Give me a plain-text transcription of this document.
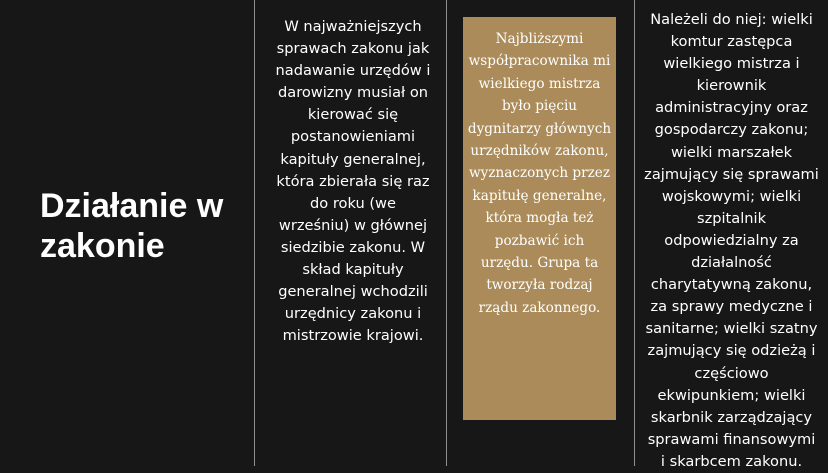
Działanie w zakonie
W najważniejszych sprawach zakonu jak nadawanie urzędów i darowizny musiał on kierować się postanowieniami kapituły generalnej, która zbierała się raz do roku (we wrześniu) w głównej siedzibie zakonu. W skład kapituły generalnej wchodzili urzędnicy zakonu i mistrzowie krajowi.
Najbliższymi współpracownika mi wielkiego mistrza było pięciu dygnitarzy głównych urzędników zakonu, wyznaczonych przez kapitułę generalne, która mogła też pozbawić ich urzędu. Grupa ta tworzyła rodzaj rządu zakonnego.
Należeli do niej: wielki komtur zastępca wielkiego mistrza i kierownik administracyjny oraz gospodarczy zakonu; wielki marszałek zajmujący się sprawami wojskowymi; wielki szpitalnik odpowiedzialny za działalność charytatywną zakonu, za sprawy medyczne i sanitarne; wielki szatny zajmujący się odzieżą i częściowo ekwipunkiem; wielki skarbnik zarządzający sprawami finansowymi i skarbcem zakonu.
